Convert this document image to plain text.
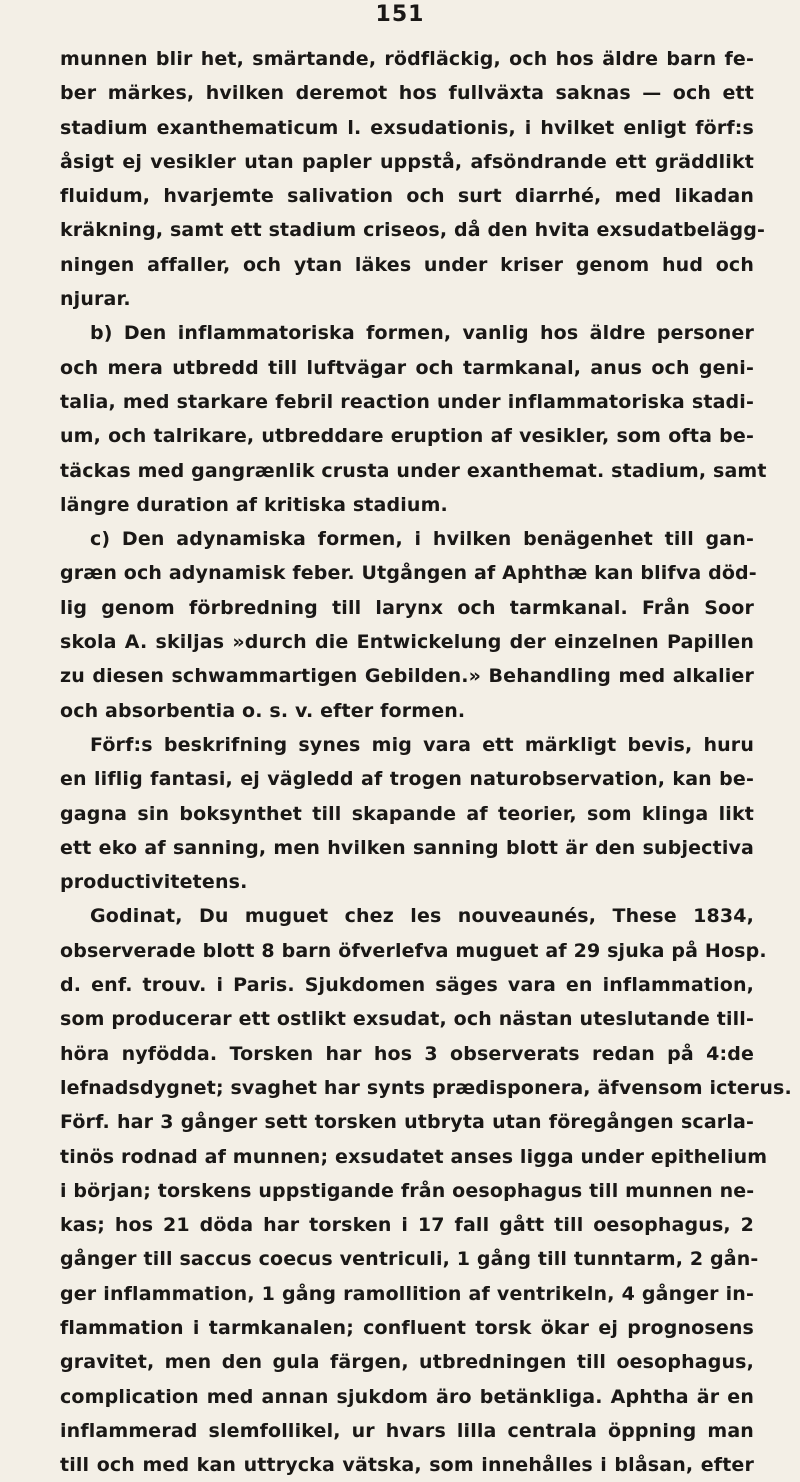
151
munnen blir het, smärtande, rödfläckig, och hos äldre barn fe-
ber märkes, hvilken deremot hos fullväxta saknas — och ett
stadium exanthematicum l. exsudationis, i hvilket enligt förf:s
åsigt ej vesikler utan papler uppstå, afsöndrande ett gräddlikt
fluidum, hvarjemte salivation och surt diarrhé, med likadan
kräkning, samt ett stadium criseos, då den hvita exsudatbelägg-
ningen affaller, och ytan läkes under kriser genom hud och
njurar.
b) Den inflammatoriska formen, vanlig hos äldre personer
och mera utbredd till luftvägar och tarmkanal, anus och geni-
talia, med starkare febril reaction under inflammatoriska stadi-
um, och talrikare, utbreddare eruption af vesikler, som ofta be-
täckas med gangrænlik crusta under exanthemat. stadium, samt
längre duration af kritiska stadium.
c) Den adynamiska formen, i hvilken benägenhet till gan-
græn och adynamisk feber. Utgången af Aphthæ kan blifva död-
lig genom förbredning till larynx och tarmkanal. Från Soor
skola A. skiljas »durch die Entwickelung der einzelnen Papillen
zu diesen schwammartigen Gebilden.» Behandling med alkalier
och absorbentia o. s. v. efter formen.
Förf:s beskrifning synes mig vara ett märkligt bevis, huru
en liflig fantasi, ej vägledd af trogen naturobservation, kan be-
gagna sin boksynthet till skapande af teorier, som klinga likt
ett eko af sanning, men hvilken sanning blott är den subjectiva
productivitetens.
Godinat, Du muguet chez les nouveaunés, These 1834,
observerade blott 8 barn öfverlefva muguet af 29 sjuka på Hosp.
d. enf. trouv. i Paris. Sjukdomen säges vara en inflammation,
som producerar ett ostlikt exsudat, och nästan uteslutande till-
höra nyfödda. Torsken har hos 3 observerats redan på 4:de
lefnadsdygnet; svaghet har synts prædisponera, äfvensom icterus.
Förf. har 3 gånger sett torsken utbryta utan föregången scarla-
tinös rodnad af munnen; exsudatet anses ligga under epithelium
i början; torskens uppstigande från oesophagus till munnen ne-
kas; hos 21 döda har torsken i 17 fall gått till oesophagus, 2
gånger till saccus coecus ventriculi, 1 gång till tunntarm, 2 gån-
ger inflammation, 1 gång ramollition af ventrikeln, 4 gånger in-
flammation i tarmkanalen; confluent torsk ökar ej prognosens
gravitet, men den gula färgen, utbredningen till oesophagus,
complication med annan sjukdom äro betänkliga. Aphtha är en
inflammerad slemfollikel, ur hvars lilla centrala öppning man
till och med kan uttrycka vätska, som innehålles i blåsan, efter
